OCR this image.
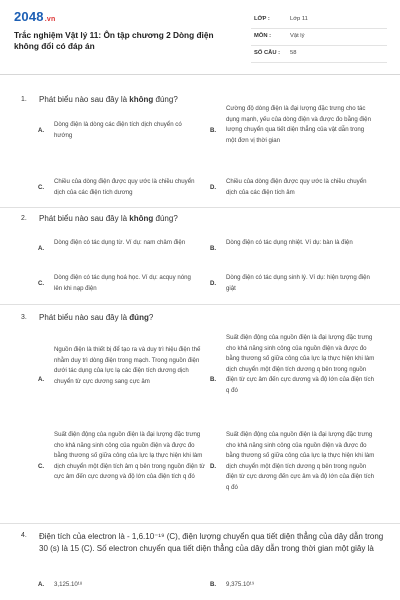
2048.vn
Trắc nghiệm Vật lý 11: Ôn tập chương 2 Dòng điện không đổi có đáp án
LỚP :	Lớp 11
MÔN :	Vật lý
SỐ CÂU : 58
1. Phát biểu nào sau đây là không đúng?
A.
Dòng điện là dòng các điện tích dịch chuyển có hướng
B.
Cường độ dòng điện là đại lượng đặc trưng cho tác dụng mạnh, yếu của dòng điện và được đo bằng điện lượng chuyển qua tiết diện thẳng của vật dẫn trong một đơn vị thời gian
C.
Chiều của dòng điện được quy ước là chiều chuyển dịch của các điện tích dương
D.
Chiều của dòng điện được quy ước là chiều chuyển dịch của các điện tích âm
2. Phát biểu nào sau đây là không đúng?
A.
Dòng điện có tác dụng từ. Ví dụ: nam châm điện
B.
Dòng điện có tác dụng nhiệt. Ví dụ: bàn là điện
C.
Dòng điện có tác dụng hoá học. Ví dụ: acquy nóng lên khi nạp điện
D.
Dòng điện có tác dụng sinh lý. Ví dụ: hiện tượng điện giật
3. Phát biểu nào sau đây là đúng?
A.
Nguồn điện là thiết bị để tạo ra và duy trì hiệu điện thế nhằm duy trì dòng điện trong mạch. Trong nguồn điện dưới tác dụng của lực lạ các điện tích dương dịch chuyển từ cực dương sang cực âm	B.
Suất điện động của nguồn điện là đại lượng đặc trưng cho khả năng sinh công của nguồn điện và được đo bằng thương số giữa công của lực lạ thực hiện khi làm dịch chuyển một điện tích dương q bên trong nguồn điện từ cực âm đến cực dương và độ lớn của điện tích q đó
C.
Suất điện động của nguồn điện là đại lượng đặc trưng cho khả năng sinh công của nguồn điện và được đo bằng thương số giữa công của lực lạ thực hiện khi làm dịch chuyển một điện tích âm q bên trong nguồn điện từ cực âm đến cực dương và độ lớn của điện tích q đó
D.
Suất điện động của nguồn điện là đại lượng đặc trưng cho khả năng sinh công của nguồn điện và được đo bằng thương số giữa công của lực lạ thực hiện khi làm dịch chuyển một điện tích dương q bên trong nguồn điện từ cực dương đến cực âm và độ lớn của điện tích q đó
4. Điện tích của electron là - 1,6.10⁻¹⁹ (C), điện lượng chuyển qua tiết diện thẳng của dây dẫn trong 30 (s) là 15 (C). Số electron chuyển qua tiết diện thẳng của dây dẫn trong thời gian một giây là
A. 3,125.10¹⁸	B. 9,375.10¹⁹
